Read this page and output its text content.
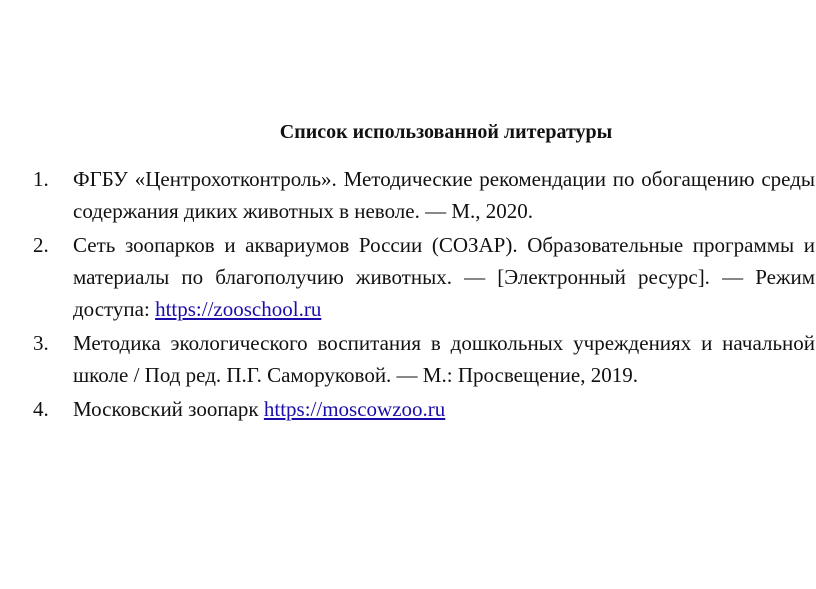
Список использованной литературы
1. ФГБУ «Центрохотконтроль». Методические рекомендации по обогащению среды содержания диких животных в неволе. — М., 2020.
2. Сеть зоопарков и аквариумов России (СОЗАР). Образовательные программы и материалы по благополучию животных. — [Электронный ресурс]. — Режим доступа: https://zooschool.ru
3. Методика экологического воспитания в дошкольных учреждениях и начальной школе / Под ред. П.Г. Саморуковой. — М.: Просвещение, 2019.
4. Московский зоопарк https://moscowzoo.ru
